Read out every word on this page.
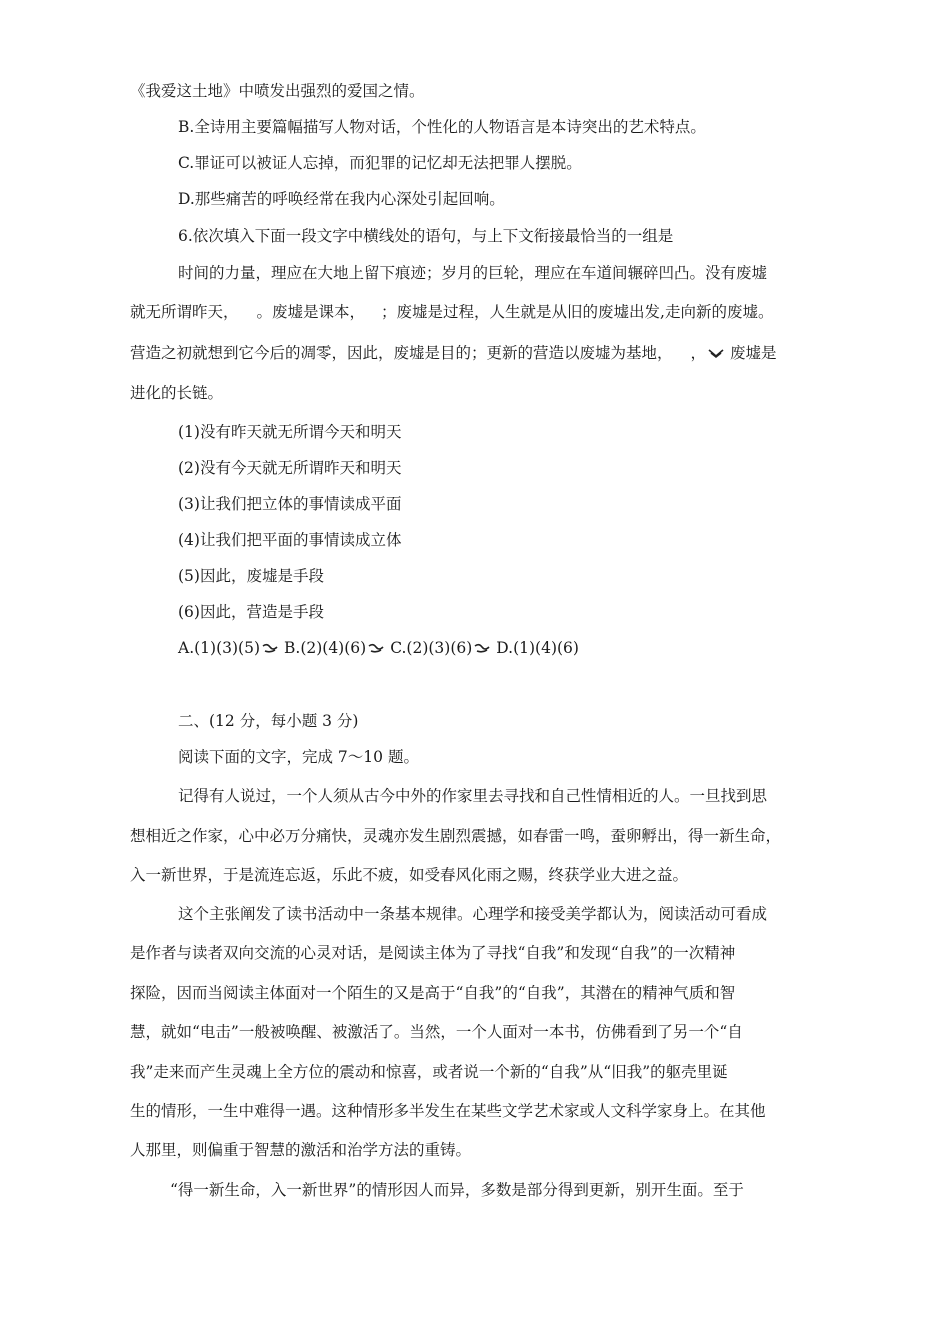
《我爱这土地》中喷发出强烈的爱国之情。
B.全诗用主要篇幅描写人物对话，个性化的人物语言是本诗突出的艺术特点。
C.罪证可以被证人忘掉，而犯罪的记忆却无法把罪人摆脱。
D.那些痛苦的呼唤经常在我内心深处引起回响。
6.依次填入下面一段文字中横线处的语句，与上下文衔接最恰当的一组是
时间的力量，理应在大地上留下痕迹；岁月的巨轮，理应在车道间辗碎凹凸。没有废墟
就无所谓昨天， 。废墟是课本， ；废墟是过程，人生就是从旧的废墟出发,走向新的废墟。
营造之初就想到它今后的凋零，因此，废墟是目的；更新的营造以废墟为基地， ， 废墟是
进化的长链。
(1)没有昨天就无所谓今天和明天
(2)没有今天就无所谓昨天和明天
(3)让我们把立体的事情读成平面
(4)让我们把平面的事情读成立体
(5)因此，废墟是手段
(6)因此，营造是手段
A.(1)(3)(5) B.(2)(4)(6) C.(2)(3)(6) D.(1)(4)(6)
二、(12 分，每小题 3 分)
阅读下面的文字，完成 7～10 题。
记得有人说过，一个人须从古今中外的作家里去寻找和自己性情相近的人。一旦找到思
想相近之作家，心中必万分痛快，灵魂亦发生剧烈震撼，如春雷一鸣，蚕卵孵出，得一新生命，
入一新世界，于是流连忘返，乐此不疲，如受春风化雨之赐，终获学业大进之益。
这个主张阐发了读书活动中一条基本规律。心理学和接受美学都认为，阅读活动可看成
是作者与读者双向交流的心灵对话，是阅读主体为了寻找“自我”和发现“自我”的一次精神
探险，因而当阅读主体面对一个陌生的又是高于“自我”的“自我”，其潜在的精神气质和智
慧，就如“电击”一般被唤醒、被激活了。当然，一个人面对一本书，仿佛看到了另一个“自
我”走来而产生灵魂上全方位的震动和惊喜，或者说一个新的“自我”从“旧我”的躯壳里诞
生的情形，一生中难得一遇。这种情形多半发生在某些文学艺术家或人文科学家身上。在其他
人那里，则偏重于智慧的激活和治学方法的重铸。
“得一新生命，入一新世界”的情形因人而异，多数是部分得到更新，别开生面。至于
